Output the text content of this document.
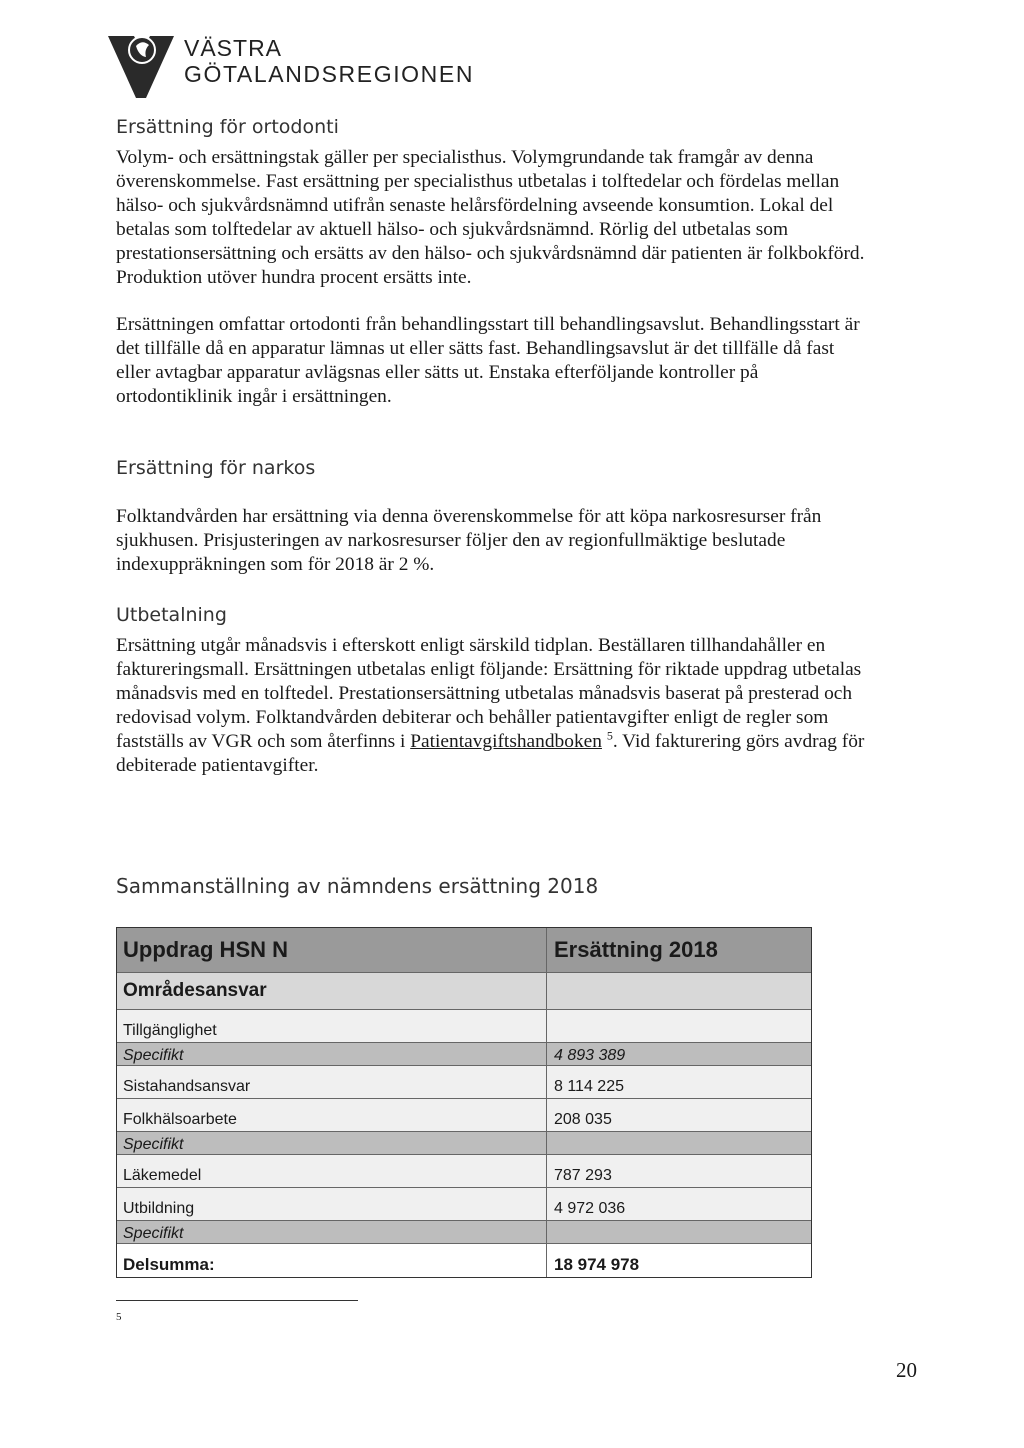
VÄSTRA
GÖTALANDSREGIONEN
Ersättning för ortodonti
Volym- och ersättningstak gäller per specialisthus. Volymgrundande tak framgår av denna
överenskommelse. Fast ersättning per specialisthus utbetalas i tolftedelar och fördelas mellan
hälso- och sjukvårdsnämnd utifrån senaste helårsfördelning avseende konsumtion. Lokal del
betalas som tolftedelar av aktuell hälso- och sjukvårdsnämnd. Rörlig del utbetalas som
prestationsersättning och ersätts av den hälso- och sjukvårdsnämnd där patienten är folkbokförd.
Produktion utöver hundra procent ersätts inte.
Ersättningen omfattar ortodonti från behandlingsstart till behandlingsavslut. Behandlingsstart är
det tillfälle då en apparatur lämnas ut eller sätts fast. Behandlingsavslut är det tillfälle då fast
eller avtagbar apparatur avlägsnas eller sätts ut. Enstaka efterföljande kontroller på
ortodontiklinik ingår i ersättningen.
Ersättning för narkos
Folktandvården har ersättning via denna överenskommelse för att köpa narkosresurser från
sjukhusen. Prisjusteringen av narkosresurser följer den av regionfullmäktige beslutade
indexuppräkningen som för 2018 är 2 %.
Utbetalning
Ersättning utgår månadsvis i efterskott enligt särskild tidplan. Beställaren tillhandahåller en
faktureringsmall. Ersättningen utbetalas enligt följande: Ersättning för riktade uppdrag utbetalas
månadsvis med en tolftedel. Prestationsersättning utbetalas månadsvis baserat på presterad och
redovisad volym. Folktandvården debiterar och behåller patientavgifter enligt de regler som
fastställs av VGR och som återfinns i Patientavgiftshandboken $^5$. Vid fakturering görs avdrag för
debiterade patientavgifter.
Sammanställning av nämndens ersättning 2018
Uppdrag HSN N	Ersättning 2018
Områdesansvar
Tillgänglighet
Specifikt	4 893 389
Sistahandsansvar	8 114 225
Folkhälsoarbete	208 035
Specifikt
Läkemedel	787 293
Utbildning	4 972 036
Specifikt
Delsumma:	18 974 978
5
20
